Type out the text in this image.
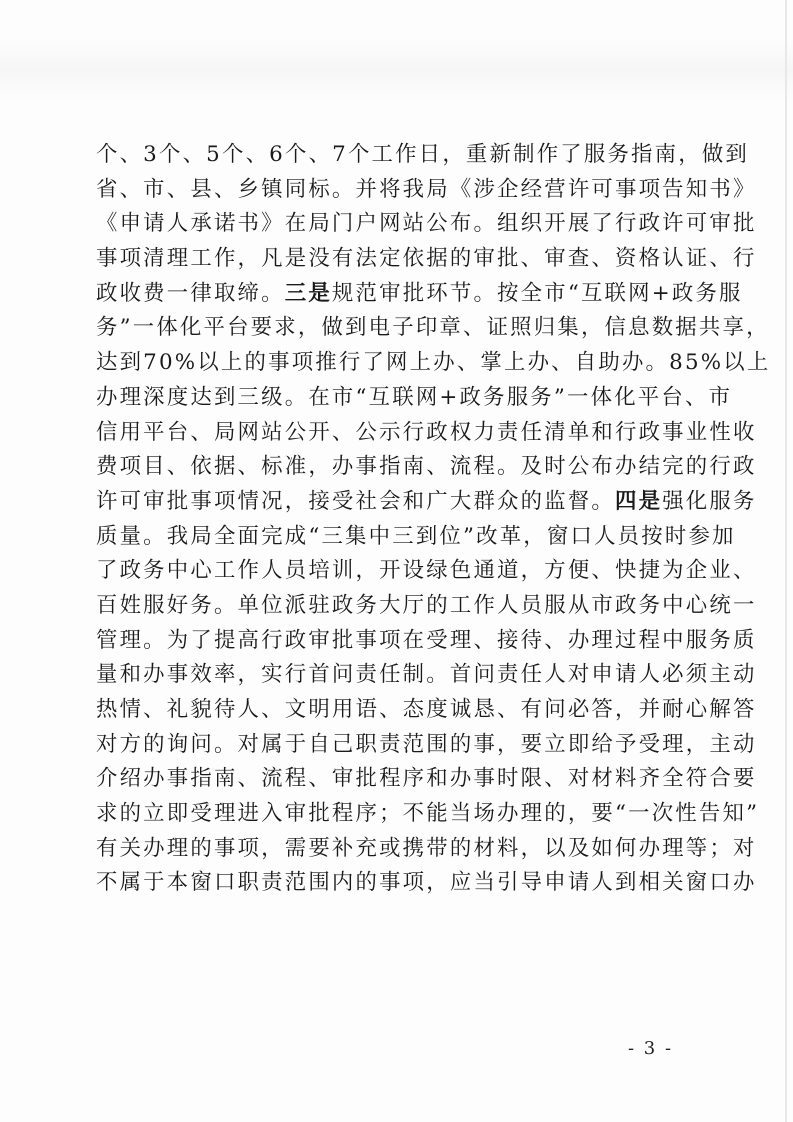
个、3个、5个、6个、7个工作日，重新制作了服务指南，做到
省、市、县、乡镇同标。并将我局《涉企经营许可事项告知书》
《申请人承诺书》在局门户网站公布。组织开展了行政许可审批
事项清理工作，凡是没有法定依据的审批、审查、资格认证、行
政收费一律取缔。三是规范审批环节。按全市“互联网+政务服
务”一体化平台要求，做到电子印章、证照归集，信息数据共享，
达到70%以上的事项推行了网上办、掌上办、自助办。85%以上
办理深度达到三级。在市“互联网+政务服务”一体化平台、市
信用平台、局网站公开、公示行政权力责任清单和行政事业性收
费项目、依据、标准，办事指南、流程。及时公布办结完的行政
许可审批事项情况，接受社会和广大群众的监督。四是强化服务
质量。我局全面完成“三集中三到位”改革，窗口人员按时参加
了政务中心工作人员培训，开设绿色通道，方便、快捷为企业、
百姓服好务。单位派驻政务大厅的工作人员服从市政务中心统一
管理。为了提高行政审批事项在受理、接待、办理过程中服务质
量和办事效率，实行首问责任制。首问责任人对申请人必须主动
热情、礼貌待人、文明用语、态度诚恳、有问必答，并耐心解答
对方的询问。对属于自己职责范围的事，要立即给予受理，主动
介绍办事指南、流程、审批程序和办事时限、对材料齐全符合要
求的立即受理进入审批程序；不能当场办理的，要“一次性告知”
有关办理的事项，需要补充或携带的材料，以及如何办理等；对
不属于本窗口职责范围内的事项，应当引导申请人到相关窗口办
- 3 -
